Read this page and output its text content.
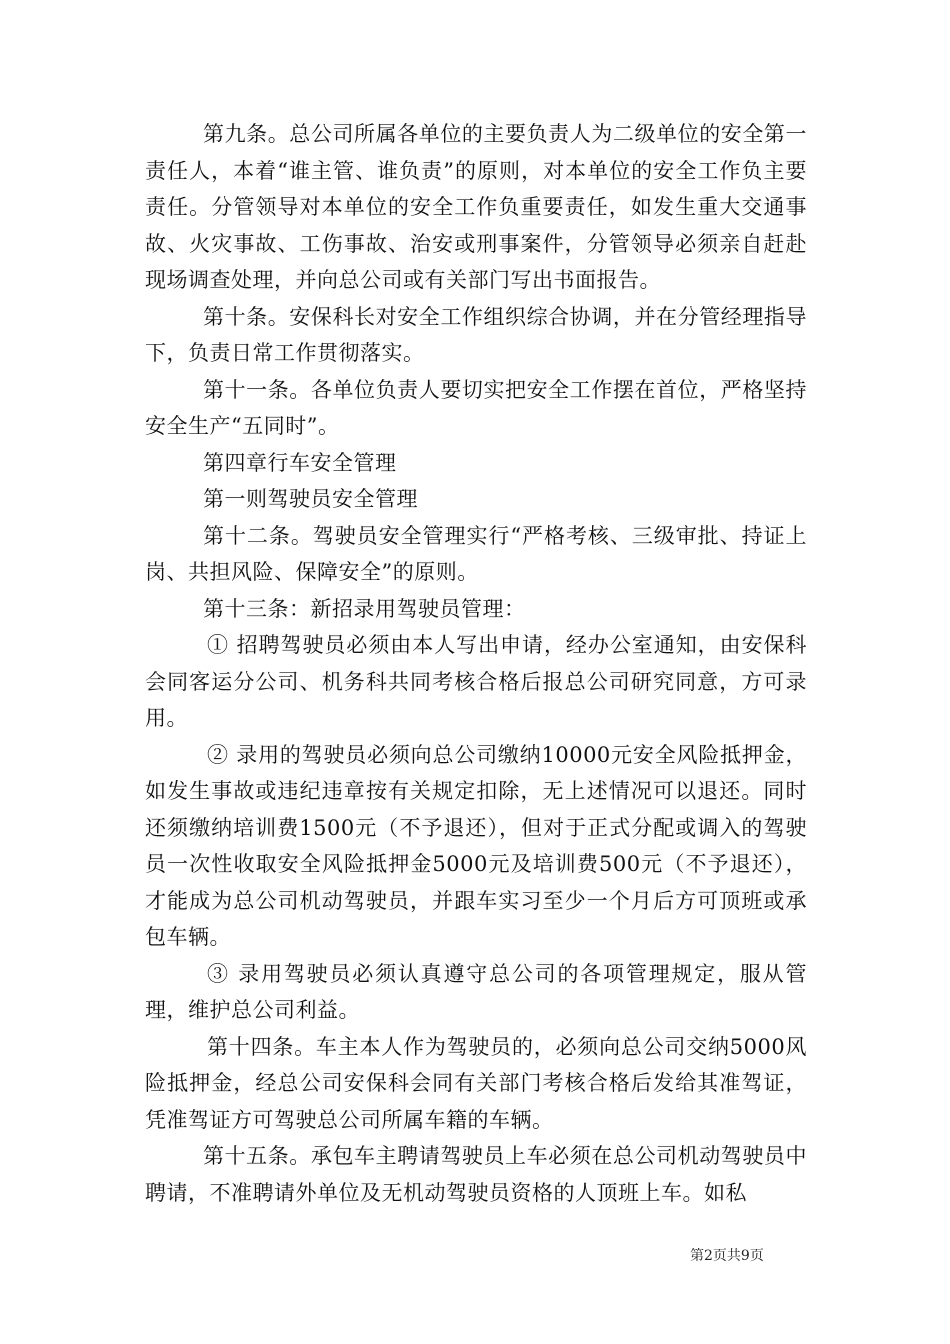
第九条。总公司所属各单位的主要负责人为二级单位的安全第一责任人，本着“谁主管、谁负责”的原则，对本单位的安全工作负主要责任。分管领导对本单位的安全工作负重要责任，如发生重大交通事故、火灾事故、工伤事故、治安或刑事案件，分管领导必须亲自赶赴现场调查处理，并向总公司或有关部门写出书面报告。

第十条。安保科长对安全工作组织综合协调，并在分管经理指导下，负责日常工作贯彻落实。

第十一条。各单位负责人要切实把安全工作摆在首位，严格坚持安全生产“五同时”。

第四章行车安全管理

第一则驾驶员安全管理

第十二条。驾驶员安全管理实行“严格考核、三级审批、持证上岗、共担风险、保障安全”的原则。

第十三条：新招录用驾驶员管理：

① 招聘驾驶员必须由本人写出申请，经办公室通知，由安保科会同客运分公司、机务科共同考核合格后报总公司研究同意，方可录用。

② 录用的驾驶员必须向总公司缴纳10000元安全风险抵押金，如发生事故或违纪违章按有关规定扣除，无上述情况可以退还。同时还须缴纳培训费1500元（不予退还），但对于正式分配或调入的驾驶员一次性收取安全风险抵押金5000元及培训费500元（不予退还），才能成为总公司机动驾驶员，并跟车实习至少一个月后方可顶班或承包车辆。

③ 录用驾驶员必须认真遵守总公司的各项管理规定，服从管理，维护总公司利益。

第十四条。车主本人作为驾驶员的，必须向总公司交纳5000风险抵押金，经总公司安保科会同有关部门考核合格后发给其准驾证，凭准驾证方可驾驶总公司所属车籍的车辆。

第十五条。承包车主聘请驾驶员上车必须在总公司机动驾驶员中聘请，不准聘请外单位及无机动驾驶员资格的人顶班上车。如私

第2页共9页
